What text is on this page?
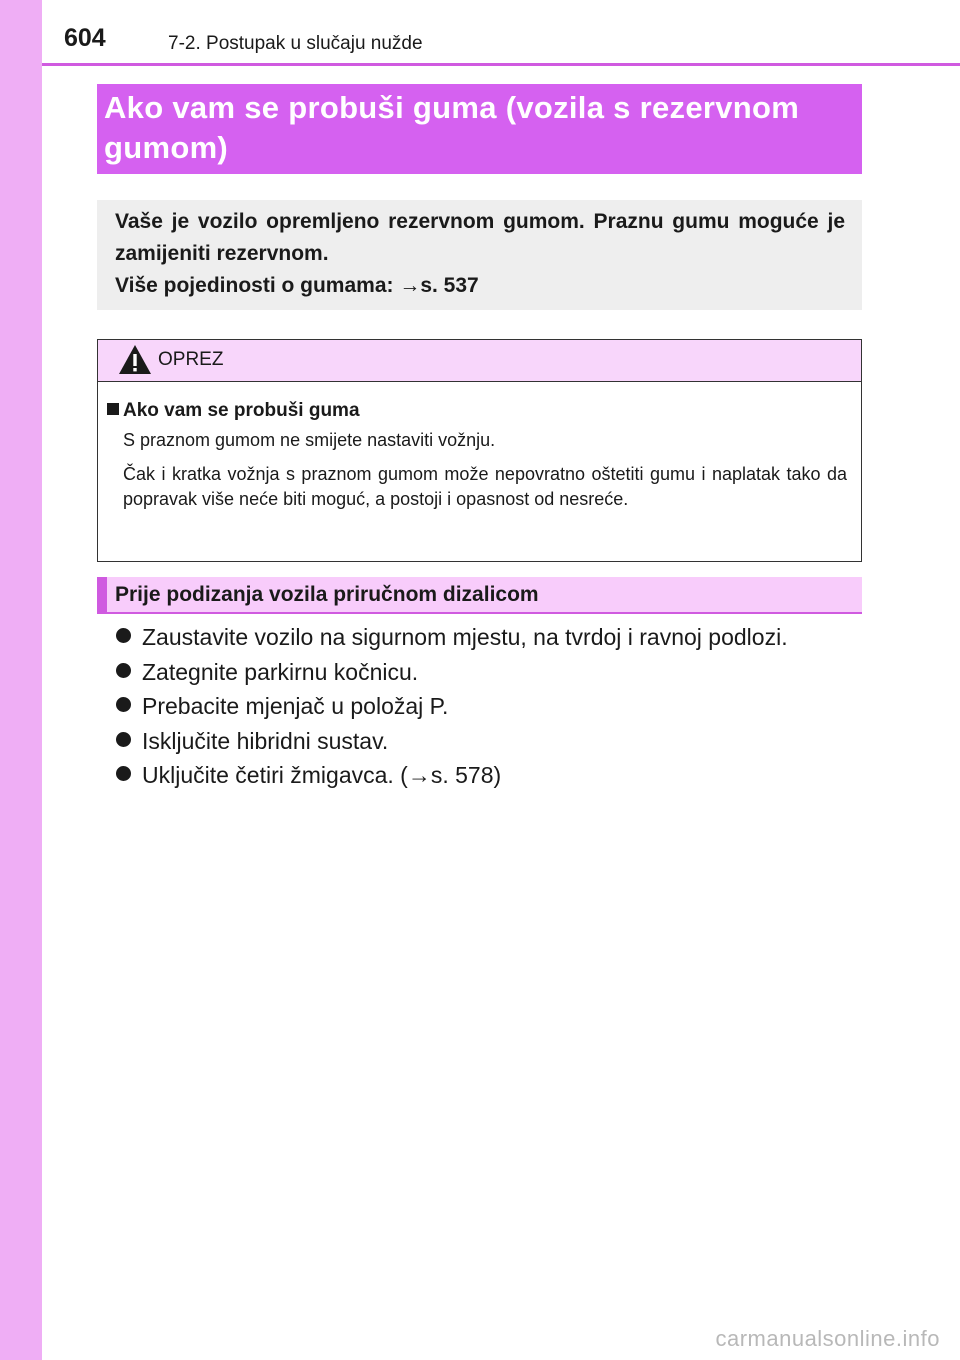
604	7-2. Postupak u slučaju nužde
Ako vam se probuši guma (vozila s rezervnom gumom)
Vaše je vozilo opremljeno rezervnom gumom. Praznu gumu moguće je zamijeniti rezervnom.
Više pojedinosti o gumama: →s. 537
OPREZ
Ako vam se probuši guma
S praznom gumom ne smijete nastaviti vožnju.
Čak i kratka vožnja s praznom gumom može nepovratno oštetiti gumu i naplatak tako da popravak više neće biti moguć, a postoji i opasnost od nesreće.
Prije podizanja vozila priručnom dizalicom
Zaustavite vozilo na sigurnom mjestu, na tvrdoj i ravnoj podlozi.
Zategnite parkirnu kočnicu.
Prebacite mjenjač u položaj P.
Isključite hibridni sustav.
Uključite četiri žmigavca. (→s. 578)
carmanualsonline.info
